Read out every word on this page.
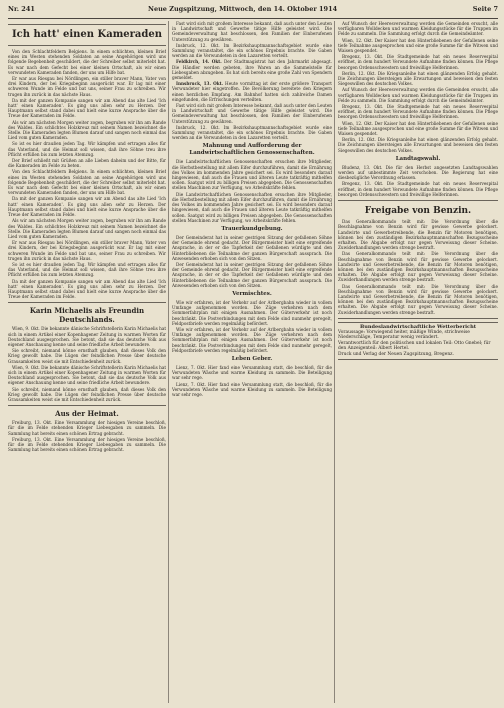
Nr. 241	Neue Zugspitzung, Mittwoch, den 14. Oktober 1914	Seite 7
Ich hatt' einen Kameraden

Von den Schlachtfeldern Belgiens. In einem schlichten, kleinen Brief eines im Westen stehenden Soldaten an seine Angehörigen wird uns folgende Begebenheit geschildert, die der Schreiber selbst miterlebt hat. Es war nach dem Gefecht bei einer kleinen Ortschaft, als wir einen verwundeten Kameraden fanden, der uns um Hilfe bat.

Er war aus Riesgau bei Nördlingen, ein stiller braver Mann, Vater von drei Kindern, der bei Kriegsbeginn ausgerückt war. Er lag mit einer schweren Wunde im Felde und bat uns, seiner Frau zu schreiben. Wir trugen ihn zurück in das nächste Haus.

Da mit der ganzen Kompanie sangen wir am Abend das alte Lied 'Ich hatt' einen Kameraden'. Es ging uns allen sehr zu Herzen. Der Hauptmann selbst stand dabei und hielt eine kurze Ansprache über die Treue der Kameraden im Felde.

Als wir am nächsten Morgen weiter zogen, begruben wir ihn am Rande des Waldes. Ein schlichtes Holzkreuz mit seinem Namen bezeichnet die Stelle. Die Kameraden legten Blumen darauf und sangen noch einmal das Lied vom guten Kameraden.

So ist es hier draußen jeden Tag. Wir kämpfen und ertragen alles für das Vaterland, und die Heimat soll wissen, daß ihre Söhne treu ihre Pflicht erfüllen bis zum letzten Atemzug.

Der Brief schließt mit Grüßen an alle Lieben daheim und der Bitte, für die Kameraden im Felde zu beten.

Von den Schlachtfeldern Belgiens. In einem schlichten, kleinen Brief eines im Westen stehenden Soldaten an seine Angehörigen wird uns folgende Begebenheit geschildert, die der Schreiber selbst miterlebt hat. Es war nach dem Gefecht bei einer kleinen Ortschaft, als wir einen verwundeten Kameraden fanden, der uns um Hilfe bat.

Da mit der ganzen Kompanie sangen wir am Abend das alte Lied 'Ich hatt' einen Kameraden'. Es ging uns allen sehr zu Herzen. Der Hauptmann selbst stand dabei und hielt eine kurze Ansprache über die Treue der Kameraden im Felde.

Als wir am nächsten Morgen weiter zogen, begruben wir ihn am Rande des Waldes. Ein schlichtes Holzkreuz mit seinem Namen bezeichnet die Stelle. Die Kameraden legten Blumen darauf und sangen noch einmal das Lied vom guten Kameraden.

Er war aus Riesgau bei Nördlingen, ein stiller braver Mann, Vater von drei Kindern, der bei Kriegsbeginn ausgerückt war. Er lag mit einer schweren Wunde im Felde und bat uns, seiner Frau zu schreiben. Wir trugen ihn zurück in das nächste Haus.

So ist es hier draußen jeden Tag. Wir kämpfen und ertragen alles für das Vaterland, und die Heimat soll wissen, daß ihre Söhne treu ihre Pflicht erfüllen bis zum letzten Atemzug.

Da mit der ganzen Kompanie sangen wir am Abend das alte Lied 'Ich hatt' einen Kameraden'. Es ging uns allen sehr zu Herzen. Der Hauptmann selbst stand dabei und hielt eine kurze Ansprache über die Treue der Kameraden im Felde.

Karin Michaelis als Freundin Deutschlands.

Wien, 9. Okt. Die bekannte dänische Schriftstellerin Karin Michaelis hat sich in einem Artikel einer Kopenhagener Zeitung in warmen Worten für Deutschland ausgesprochen. Sie betont, daß sie das deutsche Volk aus eigener Anschauung kenne und seine friedliche Arbeit bewundere.

Sie schreibt, niemand könne ernsthaft glauben, daß dieses Volk den Krieg gewollt habe. Die Lügen der feindlichen Presse über deutsche Grausamkeiten weist sie mit Entschiedenheit zurück.

Wien, 9. Okt. Die bekannte dänische Schriftstellerin Karin Michaelis hat sich in einem Artikel einer Kopenhagener Zeitung in warmen Worten für Deutschland ausgesprochen. Sie betont, daß sie das deutsche Volk aus eigener Anschauung kenne und seine friedliche Arbeit bewundere.

Sie schreibt, niemand könne ernsthaft glauben, daß dieses Volk den Krieg gewollt habe. Die Lügen der feindlichen Presse über deutsche Grausamkeiten weist sie mit Entschiedenheit zurück.

Aus der Heimat.

Freiburg, 13. Okt. Eine Versammlung der hiesigen Vereine beschloß, für die im Felde stehenden Krieger Liebesgaben zu sammeln. Die Sammlung hat bereits einen schönen Ertrag gebracht.

Freiburg, 13. Okt. Eine Versammlung der hiesigen Vereine beschloß, für die im Felde stehenden Krieger Liebesgaben zu sammeln. Die Sammlung hat bereits einen schönen Ertrag gebracht.

Fast wird sich mit großem Interesse bekannt, daß auch unter den Leuten in Landwirtschaft und Gewerbe tätige Hilfe geleistet wird. Die Gemeindeverwaltung hat beschlossen, den Familien der Einberufenen Unterstützung zu gewähren.

Insbruck, 12. Okt. Im Bezirkshauptmannschaftsgebiet wurde eine Sammlung veranstaltet, die ein schönes Ergebnis brachte. Die Gaben werden an die Verwundeten in den Lazaretten verteilt.

Feldkirch, 14. Okt. Der Stadtmagistrat hat den Jahrmarkt abgesagt. Die Händler werden gebeten, ihre Waren an die Sammelstelle für Liebesgaben abzugeben. Es hat sich bereits eine große Zahl von Spendern gemeldet.

Innsbruck, 13. Okt. Heute vormittag ist der erste größere Transport Verwundeter hier eingetroffen. Die Bevölkerung bereitete den Kriegern einen herzlichen Empfang. Am Bahnhof hatten sich zahlreiche Damen eingefunden, die Erfrischungen verteilten.

Fast wird sich mit großem Interesse bekannt, daß auch unter den Leuten in Landwirtschaft und Gewerbe tätige Hilfe geleistet wird. Die Gemeindeverwaltung hat beschlossen, den Familien der Einberufenen Unterstützung zu gewähren.

Insbruck, 12. Okt. Im Bezirkshauptmannschaftsgebiet wurde eine Sammlung veranstaltet, die ein schönes Ergebnis brachte. Die Gaben werden an die Verwundeten in den Lazaretten verteilt.

Mahnung und Aufforderung der Landwirtschaftlichen Genossenschaften.

Die Landwirtschaftlichen Genossenschaften ersuchen ihre Mitglieder, die Herbstbestellung mit allem Eifer durchzuführen, damit die Ernährung des Volkes im kommenden Jahre gesichert sei. Es wird besonders darauf hingewiesen, daß auch die Frauen und älteren Leute tatkräftig mithelfen sollen. Saatgut wird zu billigen Preisen abgegeben. Die Genossenschaften stellen Maschinen zur Verfügung, wo Arbeitskräfte fehlen.

Die Landwirtschaftlichen Genossenschaften ersuchen ihre Mitglieder, die Herbstbestellung mit allem Eifer durchzuführen, damit die Ernährung des Volkes im kommenden Jahre gesichert sei. Es wird besonders darauf hingewiesen, daß auch die Frauen und älteren Leute tatkräftig mithelfen sollen. Saatgut wird zu billigen Preisen abgegeben. Die Genossenschaften stellen Maschinen zur Verfügung, wo Arbeitskräfte fehlen.

Trauerkundgebung.

Der Gemeinderat hat in seiner gestrigen Sitzung der gefallenen Söhne der Gemeinde ehrend gedacht. Der Bürgermeister hielt eine ergreifende Ansprache, in der er die Tapferkeit der Gefallenen würdigte und den Hinterbliebenen die Teilnahme der ganzen Bürgerschaft aussprach. Die Anwesenden erhoben sich von den Sitzen.

Der Gemeinderat hat in seiner gestrigen Sitzung der gefallenen Söhne der Gemeinde ehrend gedacht. Der Bürgermeister hielt eine ergreifende Ansprache, in der er die Tapferkeit der Gefallenen würdigte und den Hinterbliebenen die Teilnahme der ganzen Bürgerschaft aussprach. Die Anwesenden erhoben sich von den Sitzen.

Vermischtes.

Wie wir erfahren, ist der Verkehr auf der Arlbergbahn wieder in vollem Umfange aufgenommen worden. Die Züge verkehren nach dem Sommerfahrplan mit einigen Ausnahmen. Der Güterverkehr ist noch beschränkt. Die Postverbindungen mit dem Felde sind nunmehr geregelt, Feldpostbriefe werden regelmäßig befördert.

Wie wir erfahren, ist der Verkehr auf der Arlbergbahn wieder in vollem Umfange aufgenommen worden. Die Züge verkehren nach dem Sommerfahrplan mit einigen Ausnahmen. Der Güterverkehr ist noch beschränkt. Die Postverbindungen mit dem Felde sind nunmehr geregelt, Feldpostbriefe werden regelmäßig befördert.

Leben Geber.

Lienz, 7. Okt. Hier fand eine Versammlung statt, die beschloß, für die Verwundeten Wäsche und warme Kleidung zu sammeln. Die Beteiligung war sehr rege.

Lienz, 7. Okt. Hier fand eine Versammlung statt, die beschloß, für die Verwundeten Wäsche und warme Kleidung zu sammeln. Die Beteiligung war sehr rege.

Auf Wunsch der Heeresverwaltung werden die Gemeinden ersucht, alle verfügbaren Wolldecken und warmen Kleidungsstücke für die Truppen im Felde zu sammeln. Die Sammlung erfolgt durch die Gemeindeämter.

Wien, 12. Okt. Der Kaiser hat den Hinterbliebenen der Gefallenen seine tiefe Teilnahme ausgesprochen und eine große Summe für die Witwen und Waisen gespendet.

Bregenz, 13. Okt. Die Stadtgemeinde hat ein neues Reservespital eröffnet, in dem hundert Verwundete Aufnahme finden können. Die Pflege besorgen Ordensschwestern und freiwillige Helferinnen.

Berlin, 12. Okt. Die Kriegsanleihe hat einen glänzenden Erfolg gehabt. Die Zeichnungen übersteigen alle Erwartungen und beweisen den festen Siegeswillen des deutschen Volkes.

Auf Wunsch der Heeresverwaltung werden die Gemeinden ersucht, alle verfügbaren Wolldecken und warmen Kleidungsstücke für die Truppen im Felde zu sammeln. Die Sammlung erfolgt durch die Gemeindeämter.

Bregenz, 13. Okt. Die Stadtgemeinde hat ein neues Reservespital eröffnet, in dem hundert Verwundete Aufnahme finden können. Die Pflege besorgen Ordensschwestern und freiwillige Helferinnen.

Wien, 12. Okt. Der Kaiser hat den Hinterbliebenen der Gefallenen seine tiefe Teilnahme ausgesprochen und eine große Summe für die Witwen und Waisen gespendet.

Berlin, 12. Okt. Die Kriegsanleihe hat einen glänzenden Erfolg gehabt. Die Zeichnungen übersteigen alle Erwartungen und beweisen den festen Siegeswillen des deutschen Volkes.

Landtagswahl.

Bludenz, 13. Okt. Die für den Herbst angesetzten Landtagswahlen werden auf unbestimmte Zeit verschoben. Die Regierung hat eine diesbezügliche Verordnung erlassen.

Bregenz, 13. Okt. Die Stadtgemeinde hat ein neues Reservespital eröffnet, in dem hundert Verwundete Aufnahme finden können. Die Pflege besorgen Ordensschwestern und freiwillige Helferinnen.

Freigabe von Benzin.

Das Generalkommando teilt mit: Die Verordnung über die Beschlagnahme von Benzin wird für gewisse Gewerbe gelockert. Landwirte und Gewerbetreibende, die Benzin für Motoren benötigen, können bei den zuständigen Bezirkshauptmannschaften Bezugsscheine erhalten. Die Abgabe erfolgt nur gegen Vorweisung dieser Scheine. Zuwiderhandlungen werden strenge bestraft.

Das Generalkommando teilt mit: Die Verordnung über die Beschlagnahme von Benzin wird für gewisse Gewerbe gelockert. Landwirte und Gewerbetreibende, die Benzin für Motoren benötigen, können bei den zuständigen Bezirkshauptmannschaften Bezugsscheine erhalten. Die Abgabe erfolgt nur gegen Vorweisung dieser Scheine. Zuwiderhandlungen werden strenge bestraft.

Das Generalkommando teilt mit: Die Verordnung über die Beschlagnahme von Benzin wird für gewisse Gewerbe gelockert. Landwirte und Gewerbetreibende, die Benzin für Motoren benötigen, können bei den zuständigen Bezirkshauptmannschaften Bezugsscheine erhalten. Die Abgabe erfolgt nur gegen Vorweisung dieser Scheine. Zuwiderhandlungen werden strenge bestraft.

Bundeslandwirtschaftliche Wetterbericht
Voraussage: Vorwiegend heiter, mäßige Winde, strichweise Niederschläge, Temperatur wenig verändert.
Verantwortlich für den politischen und lokalen Teil: Otto Gnebel; für den Anzeigenteil: Albert Hertel.
Druck und Verlag der Neuen Zugspitzung, Bregenz.
